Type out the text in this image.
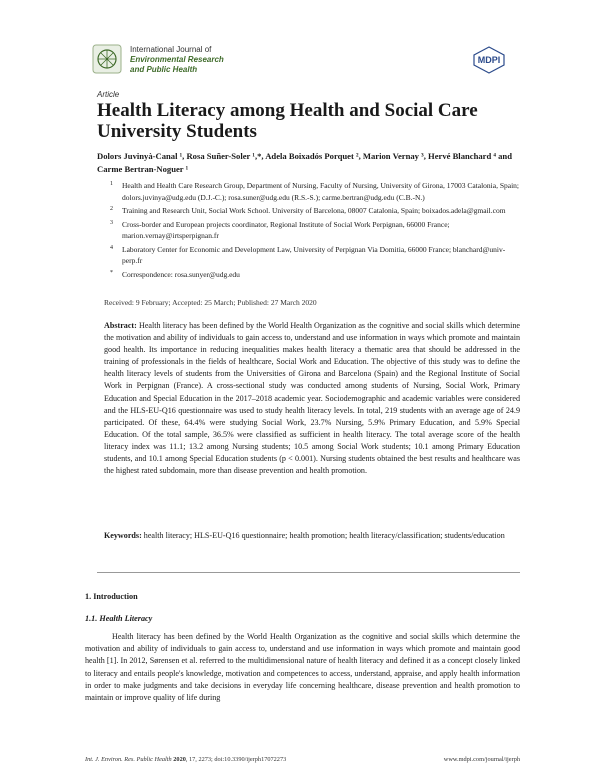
International Journal of
Environmental Research
and Public Health
MDPI
Article
Health Literacy among Health and Social Care University Students
Dolors Juvinyà-Canal ¹, Rosa Suñer-Soler ¹,*, Adela Boixadós Porquet ², Marion Vernay ³, Hervé Blanchard ⁴ and Carme Bertran-Noguer ¹
1	Health and Health Care Research Group, Department of Nursing, Faculty of Nursing, University of Girona, 17003 Catalonia, Spain; dolors.juvinya@udg.edu (D.J.-C.); rosa.suner@udg.edu (R.S.-S.); carme.bertran@udg.edu (C.B.-N.)
2	Training and Research Unit, Social Work School. University of Barcelona, 08007 Catalonia, Spain; boixados.adela@gmail.com
3	Cross-border and European projects coordinator, Regional Institute of Social Work Perpignan, 66000 France; marion.vernay@irtsperpignan.fr
4	Laboratory Center for Economic and Development Law, University of Perpignan Via Domitia, 66000 France; blanchard@univ-perp.fr
*	Correspondence: rosa.sunyer@udg.edu
Received: 9 February; Accepted: 25 March; Published: 27 March 2020

Abstract: Health literacy has been defined by the World Health Organization as the cognitive and social skills which determine the motivation and ability of individuals to gain access to, understand and use information in ways which promote and maintain good health. Its importance in reducing inequalities makes health literacy a thematic area that should be addressed in the training of professionals in the fields of healthcare, Social Work and Education. The objective of this study was to define the health literacy levels of students from the Universities of Girona and Barcelona (Spain) and the Regional Institute of Social Work in Perpignan (France). A cross-sectional study was conducted among students of Nursing, Social Work, Primary Education and Special Education in the 2017–2018 academic year. Sociodemographic and academic variables were considered and the HLS-EU-Q16 questionnaire was used to study health literacy levels. In total, 219 students with an average age of 24.9 participated. Of these, 64.4% were studying Social Work, 23.7% Nursing, 5.9% Primary Education, and 5.9% Special Education. Of the total sample, 36.5% were classified as sufficient in health literacy. The total average score of the health literacy index was 11.1; 13.2 among Nursing students; 10.5 among Social Work students; 10.1 among Primary Education students, and 10.1 among Special Education students (p < 0.001). Nursing students obtained the best results and healthcare was the highest rated subdomain, more than disease prevention and health promotion.

Keywords: health literacy; HLS-EU-Q16 questionnaire; health promotion; health literacy/classification; students/education

1. Introduction
1.1. Health Literacy

Health literacy has been defined by the World Health Organization as the cognitive and social skills which determine the motivation and ability of individuals to gain access to, understand and use information in ways which promote and maintain good health [1]. In 2012, Sørensen et al. referred to the multidimensional nature of health literacy and defined it as a concept closely linked to literacy and entails people's knowledge, motivation and competences to access, understand, appraise, and apply health information in order to make judgments and take decisions in everyday life concerning healthcare, disease prevention and health promotion to maintain or improve quality of life during

Int. J. Environ. Res. Public Health 2020, 17, 2273; doi:10.3390/ijerph17072273	www.mdpi.com/journal/ijerph
